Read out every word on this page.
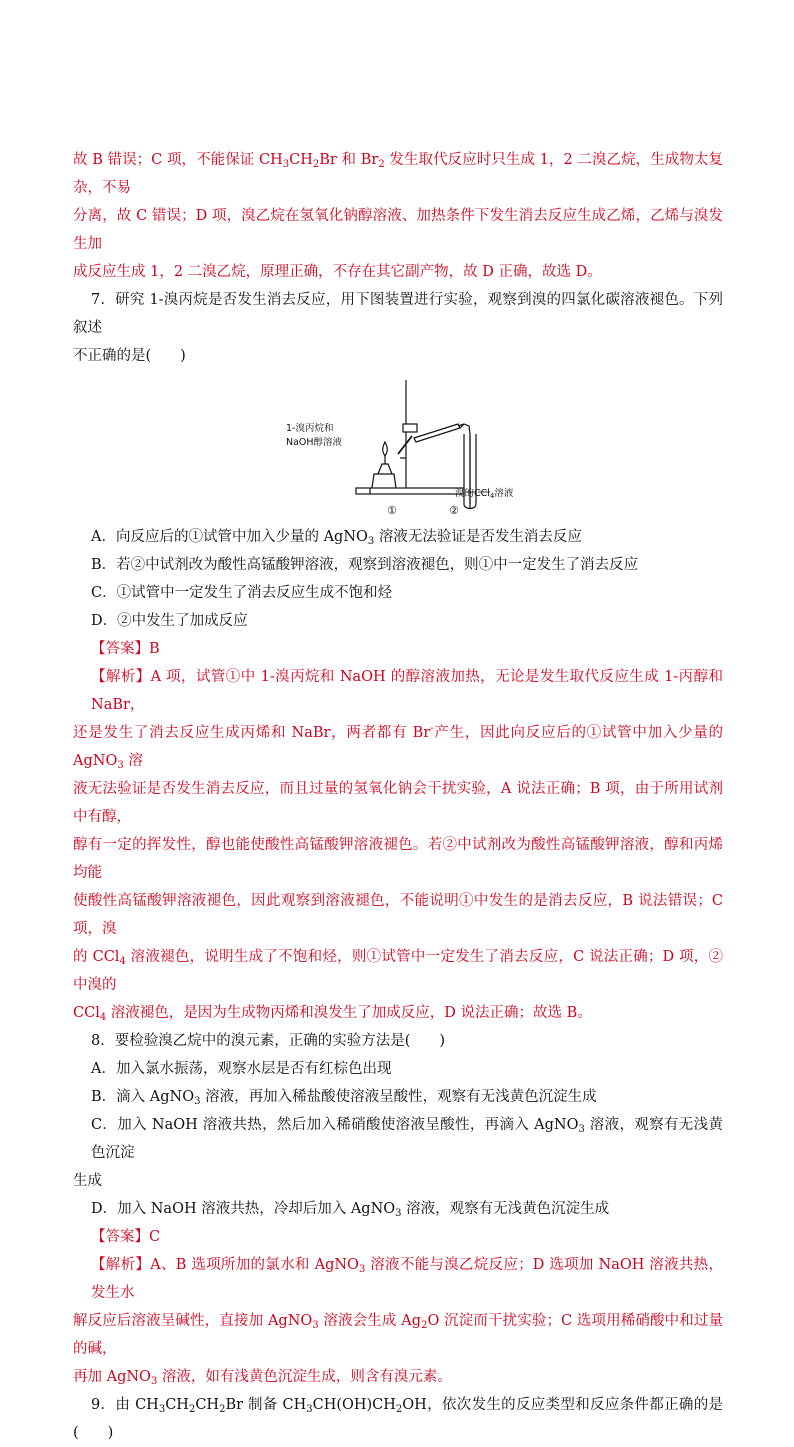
故 B 错误；C 项，不能保证 $CH_3CH_2Br$ 和 $Br_2$ 发生取代反应时只生成 1，2 二溴乙烷，生成物太复杂，不易

分离，故 C 错误；D 项，溴乙烷在氢氧化钠醇溶液、加热条件下发生消去反应生成乙烯，乙烯与溴发生加

成反应生成 1，2 二溴乙烷，原理正确，不存在其它副产物，故 D 正确，故选 D。

7．研究 1-溴丙烷是否发生消去反应，用下图装置进行实验，观察到溴的四氯化碳溶液褪色。下列叙述

不正确的是(　　)

1-溴丙烷和
NaOH醇溶液
溴的CCl$_4$溶液
①	②

A．向反应后的①试管中加入少量的 AgNO$_3$ 溶液无法验证是否发生消去反应

B．若②中试剂改为酸性高锰酸钾溶液，观察到溶液褪色，则①中一定发生了消去反应

C．①试管中一定发生了消去反应生成不饱和烃

D．②中发生了加成反应

【答案】B

【解析】A 项，试管①中 1-溴丙烷和 NaOH 的醇溶液加热，无论是发生取代反应生成 1-丙醇和 NaBr，

还是发生了消去反应生成丙烯和 NaBr，两者都有 Br-产生，因此向反应后的①试管中加入少量的 AgNO$_3$ 溶

液无法验证是否发生消去反应，而且过量的氢氧化钠会干扰实验，A 说法正确；B 项，由于所用试剂中有醇，

醇有一定的挥发性，醇也能使酸性高锰酸钾溶液褪色。若②中试剂改为酸性高锰酸钾溶液，醇和丙烯均能

使酸性高锰酸钾溶液褪色，因此观察到溶液褪色，不能说明①中发生的是消去反应，B 说法错误；C 项，溴

的 CCl$_4$ 溶液褪色，说明生成了不饱和烃，则①试管中一定发生了消去反应，C 说法正确；D 项，②中溴的

CCl$_4$ 溶液褪色，是因为生成物丙烯和溴发生了加成反应，D 说法正确；故选 B。

8．要检验溴乙烷中的溴元素，正确的实验方法是(　　)

A．加入氯水振荡，观察水层是否有红棕色出现

B．滴入 AgNO$_3$ 溶液，再加入稀盐酸使溶液呈酸性，观察有无浅黄色沉淀生成

C．加入 NaOH 溶液共热，然后加入稀硝酸使溶液呈酸性，再滴入 AgNO$_3$ 溶液，观察有无浅黄色沉淀

生成

D．加入 NaOH 溶液共热，冷却后加入 AgNO$_3$ 溶液，观察有无浅黄色沉淀生成

【答案】C

【解析】A、B 选项所加的氯水和 AgNO$_3$ 溶液不能与溴乙烷反应；D 选项加 NaOH 溶液共热，发生水

解反应后溶液呈碱性，直接加 AgNO$_3$ 溶液会生成 $Ag_2O$ 沉淀而干扰实验；C 选项用稀硝酸中和过量的碱，

再加 AgNO$_3$ 溶液，如有浅黄色沉淀生成，则含有溴元素。

9．由 $CH_3CH_2CH_2Br$ 制备 $CH_3CH(OH)CH_2OH$，依次发生的反应类型和反应条件都正确的是(　　)
